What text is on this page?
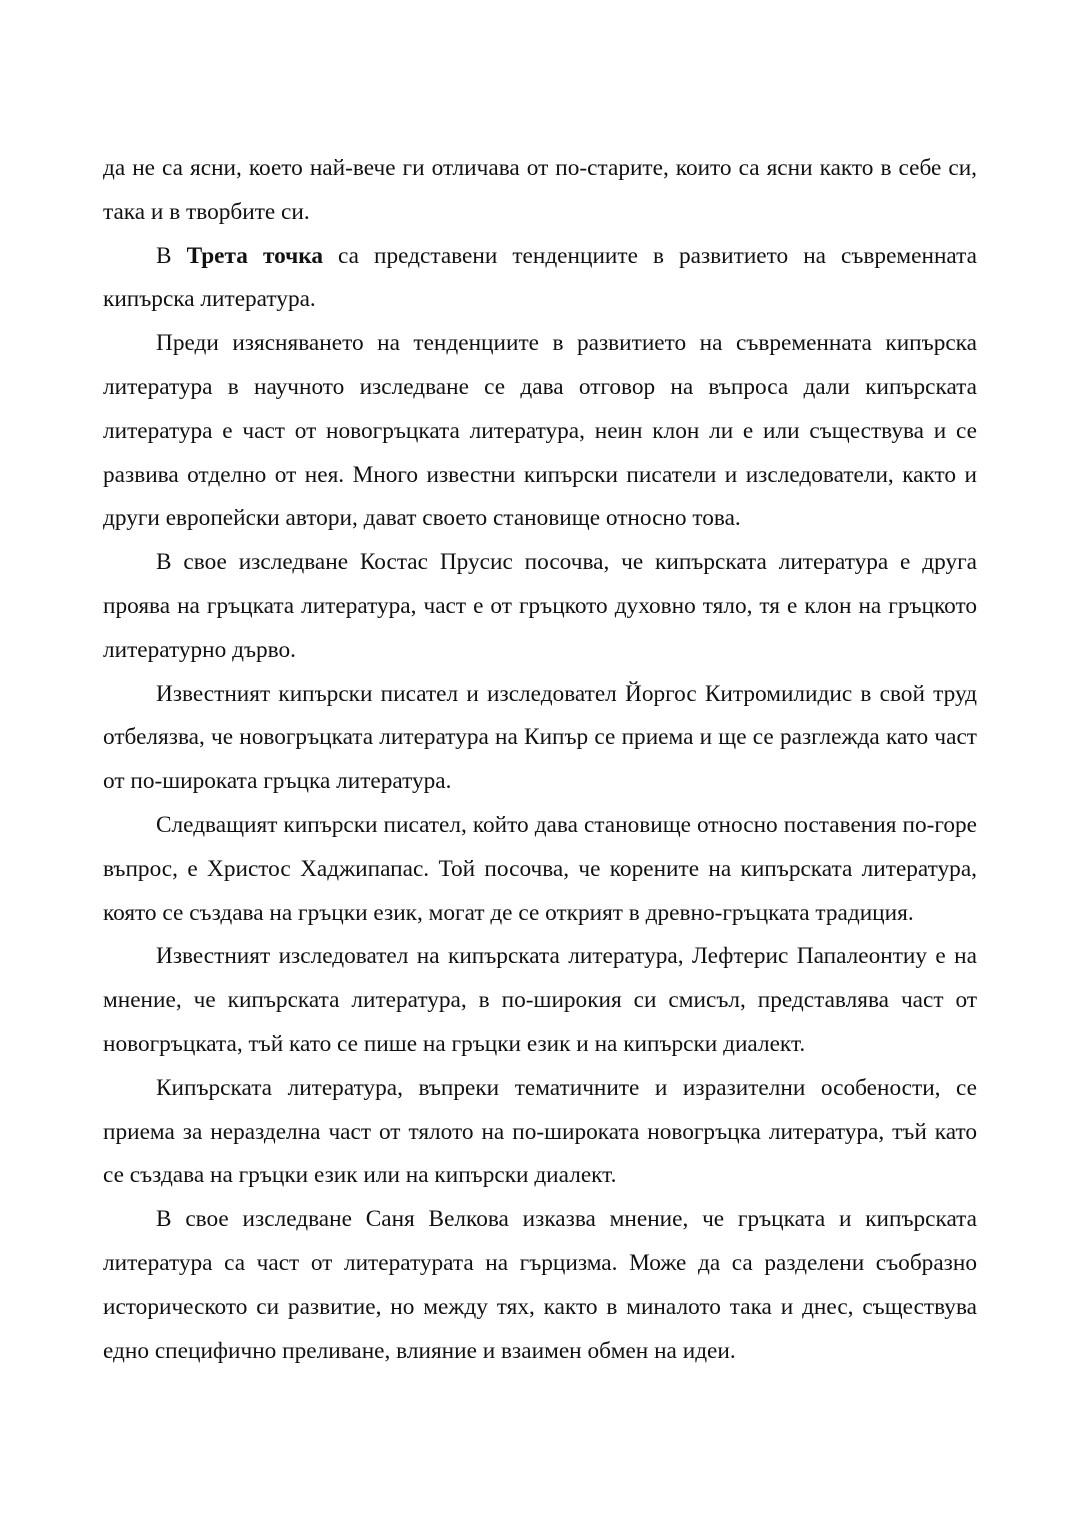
да не са ясни, което най-вече ги отличава от по-старите, които са ясни както в себе си, така и в творбите си.

В Трета точка са представени тенденциите в развитието на съвременната кипърска литература.

Преди изясняването на тенденциите в развитието на съвременната кипърска литература в научното изследване се дава отговор на въпроса дали кипърската литература е част от новогръцката литература, неин клон ли е или съществува и се развива отделно от нея. Много известни кипърски писатели и изследователи, както и други европейски автори, дават своето становище относно това.

В свое изследване Костас Прусис посочва, че кипърската литература е друга проява на гръцката литература, част е от гръцкото духовно тяло, тя е клон на гръцкото литературно дърво.

Известният кипърски писател и изследовател Йоргос Китромилидис в свой труд отбелязва, че новогръцката литература на Кипър се приема и ще се разглежда като част от по-широката гръцка литература.

Следващият кипърски писател, който дава становище относно поставения по-горе въпрос, е Христос Хаджипапас. Той посочва, че корените на кипърската литература, която се създава на гръцки език, могат де се открият в древно-гръцката традиция.

Известният изследовател на кипърската литература, Лефтерис Папалеонтиу е на мнение, че кипърската литература, в по-широкия си смисъл, представлява част от новогръцката, тъй като се пише на гръцки език и на кипърски диалект.

Кипърската литература, въпреки тематичните и изразителни особености, се приема за неразделна част от тялото на по-широката новогръцка литература, тъй като се създава на гръцки език или на кипърски диалект.

В свое изследване Саня Велкова изказва мнение, че гръцката и кипърската литература са част от литературата на гърцизма. Може да са разделени съобразно историческото си развитие, но между тях, както в миналото така и днес, съществува едно специфично преливане, влияние и взаимен обмен на идеи.
